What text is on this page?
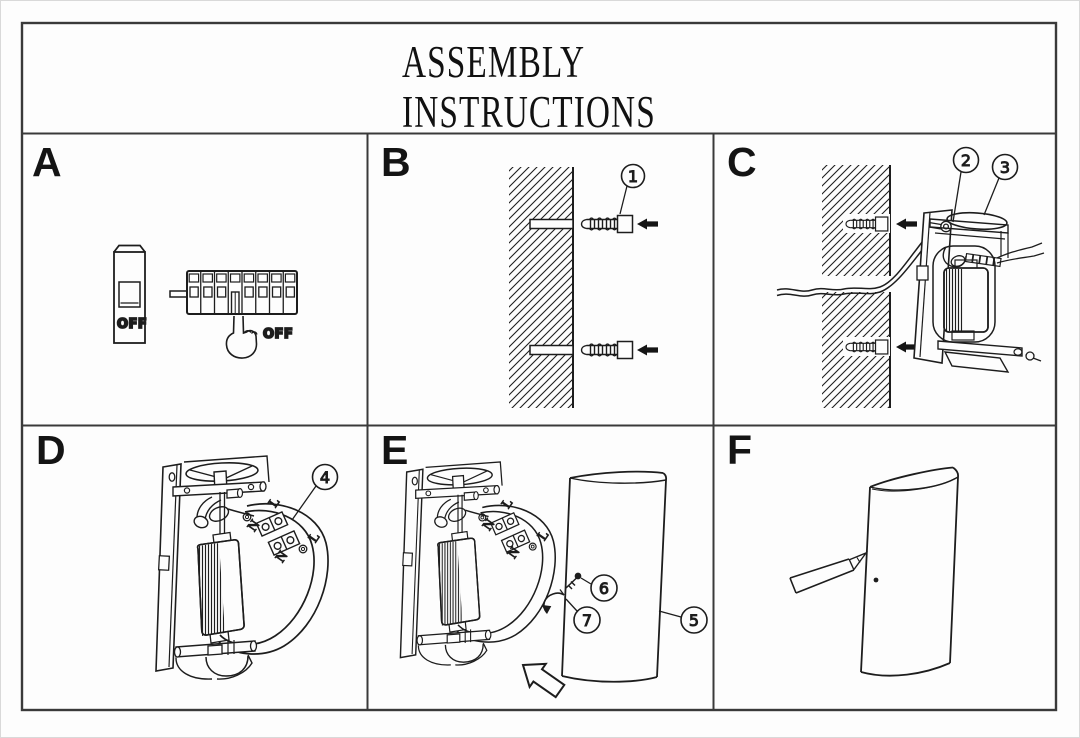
ASSEMBLY
INSTRUCTIONS
A	B	C
D	E	F
OFF
OFF
1
2 3
L
N
N
L
4
L
N
N
L
5
6
7
